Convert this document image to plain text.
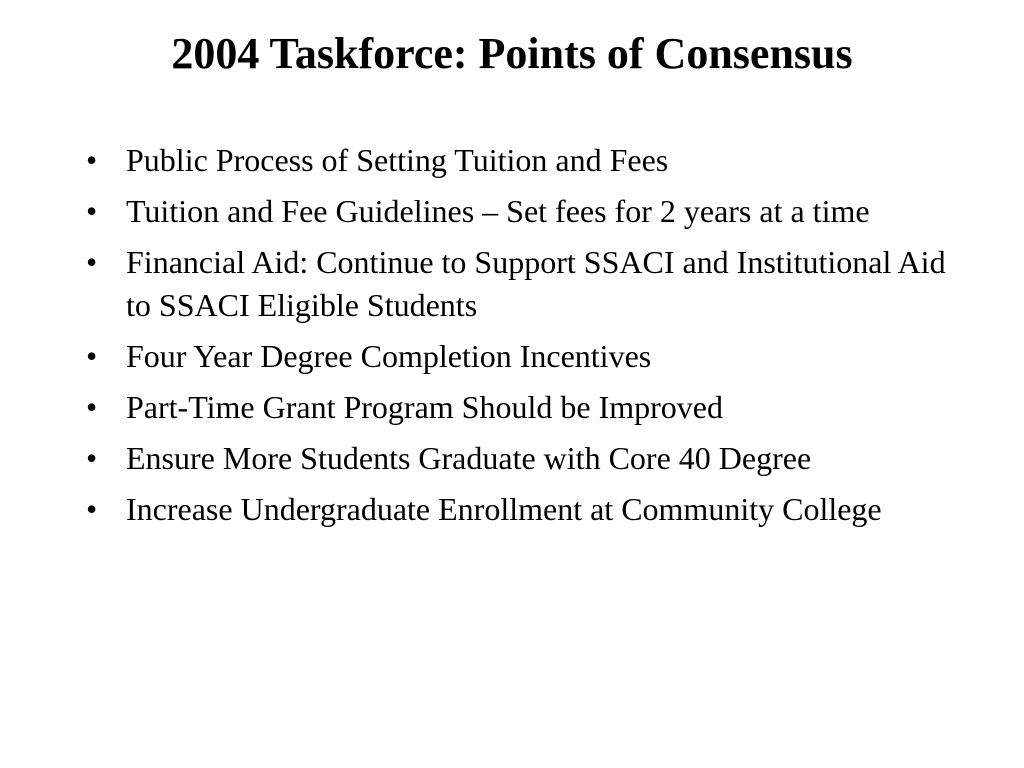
2004 Taskforce: Points of Consensus
• Public Process of Setting Tuition and Fees
• Tuition and Fee Guidelines – Set fees for 2 years at a time
• Financial Aid: Continue to Support SSACI and Institutional Aid to SSACI Eligible Students
• Four Year Degree Completion Incentives
• Part-Time Grant Program Should be Improved
• Ensure More Students Graduate with Core 40 Degree
• Increase Undergraduate Enrollment at Community College
